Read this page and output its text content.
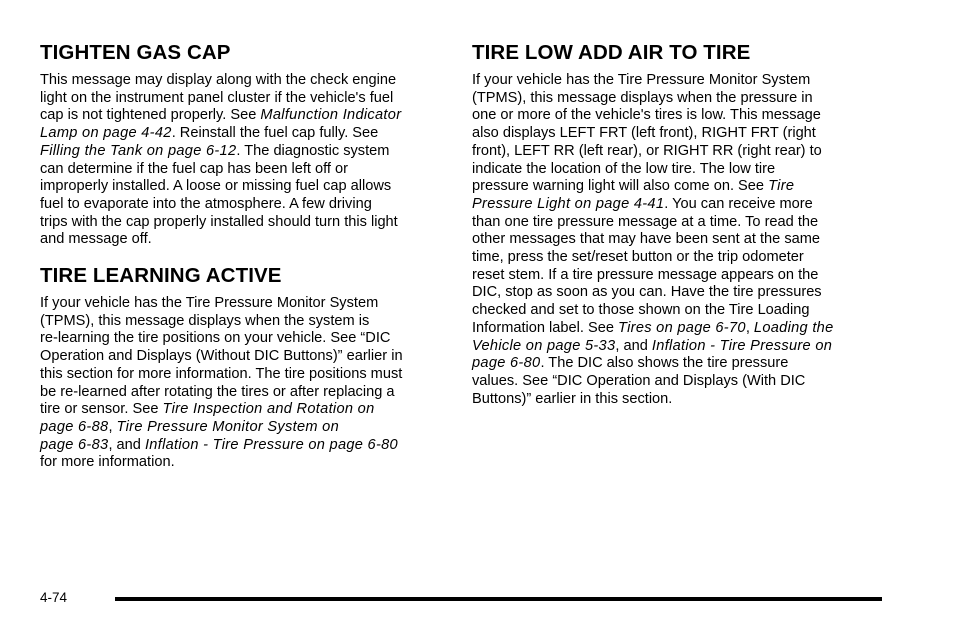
TIGHTEN GAS CAP

This message may display along with the check engine
light on the instrument panel cluster if the vehicle's fuel
cap is not tightened properly. See Malfunction Indicator
Lamp on page 4-42. Reinstall the fuel cap fully. See
Filling the Tank on page 6-12. The diagnostic system
can determine if the fuel cap has been left off or
improperly installed. A loose or missing fuel cap allows
fuel to evaporate into the atmosphere. A few driving
trips with the cap properly installed should turn this light
and message off.

TIRE LEARNING ACTIVE

If your vehicle has the Tire Pressure Monitor System
(TPMS), this message displays when the system is
re-learning the tire positions on your vehicle. See “DIC
Operation and Displays (Without DIC Buttons)” earlier in
this section for more information. The tire positions must
be re-learned after rotating the tires or after replacing a
tire or sensor. See Tire Inspection and Rotation on
page 6-88, Tire Pressure Monitor System on
page 6-83, and Inflation - Tire Pressure on page 6-80
for more information.

TIRE LOW ADD AIR TO TIRE

If your vehicle has the Tire Pressure Monitor System
(TPMS), this message displays when the pressure in
one or more of the vehicle's tires is low. This message
also displays LEFT FRT (left front), RIGHT FRT (right
front), LEFT RR (left rear), or RIGHT RR (right rear) to
indicate the location of the low tire. The low tire
pressure warning light will also come on. See Tire
Pressure Light on page 4-41. You can receive more
than one tire pressure message at a time. To read the
other messages that may have been sent at the same
time, press the set/reset button or the trip odometer
reset stem. If a tire pressure message appears on the
DIC, stop as soon as you can. Have the tire pressures
checked and set to those shown on the Tire Loading
Information label. See Tires on page 6-70, Loading the
Vehicle on page 5-33, and Inflation - Tire Pressure on
page 6-80. The DIC also shows the tire pressure
values. See “DIC Operation and Displays (With DIC
Buttons)” earlier in this section.

4-74
